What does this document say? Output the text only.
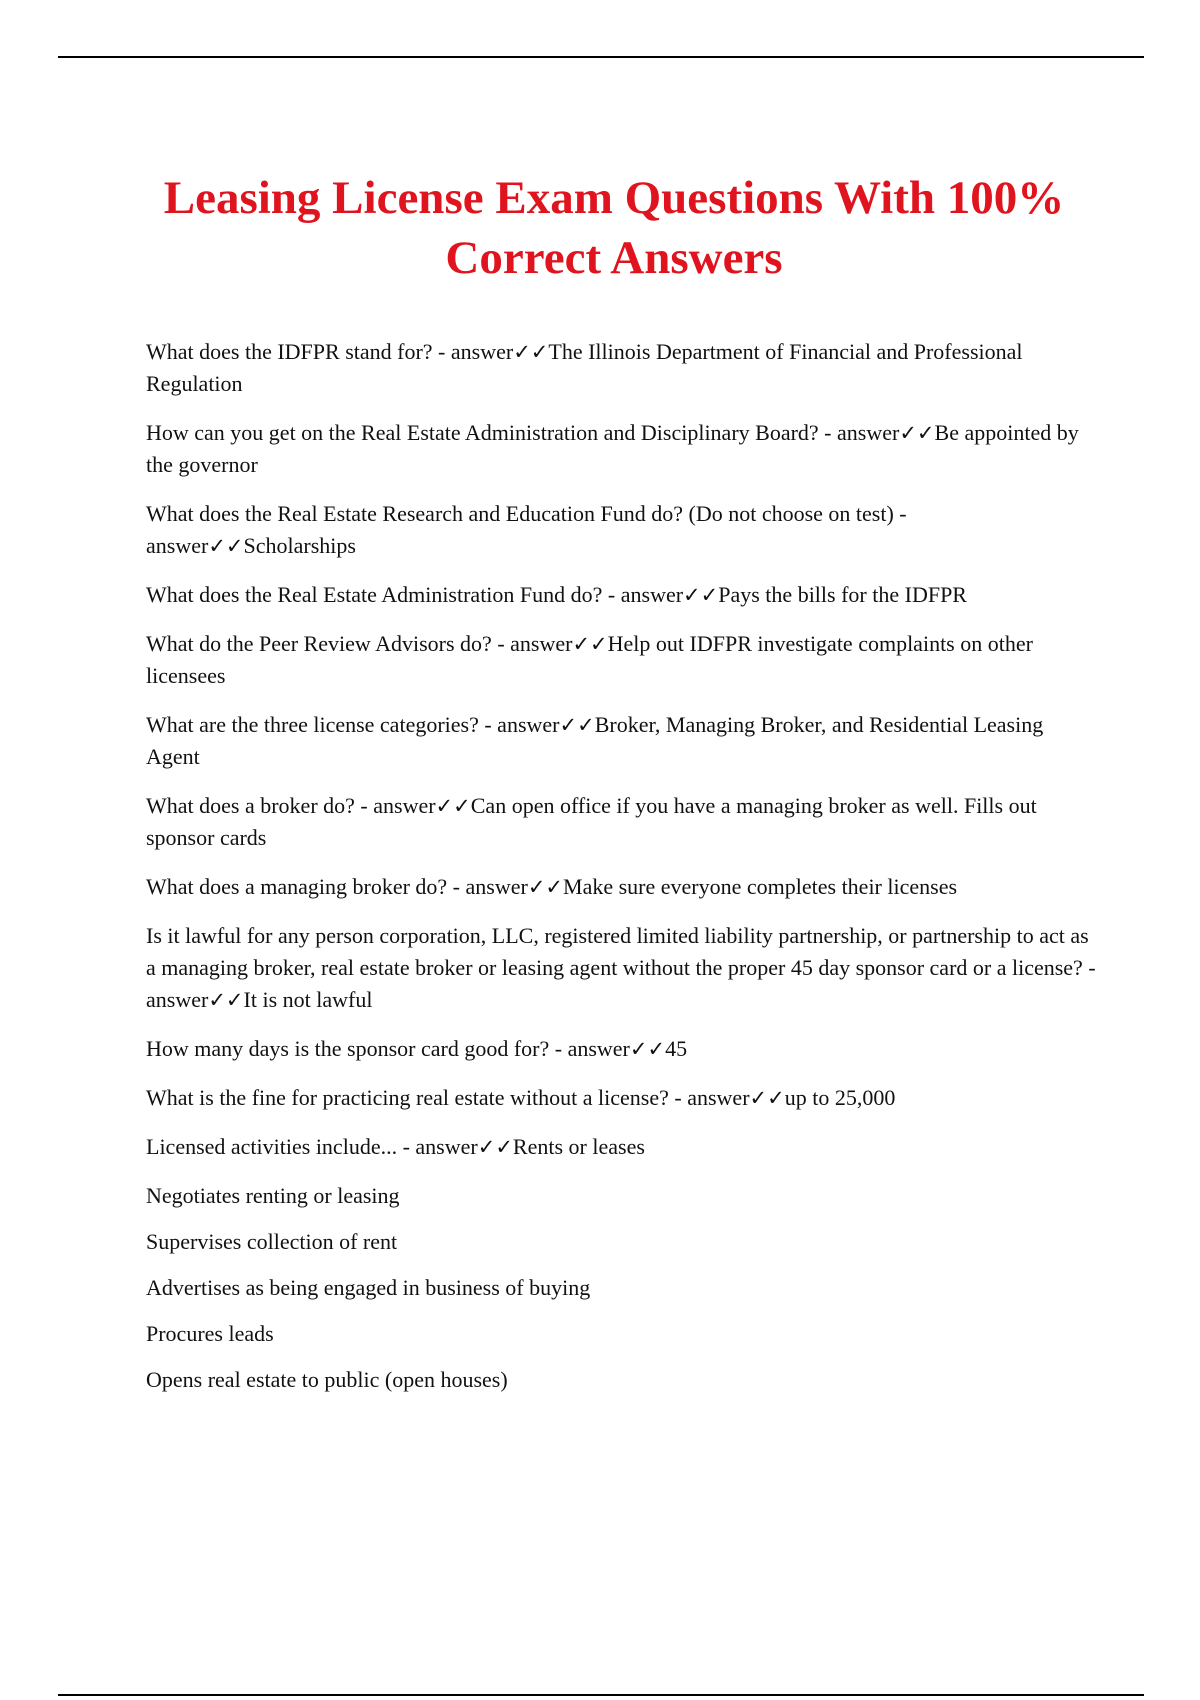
Leasing License Exam Questions With 100% Correct Answers

What does the IDFPR stand for? - answer✓✓The Illinois Department of Financial and Professional Regulation

How can you get on the Real Estate Administration and Disciplinary Board? - answer✓✓Be appointed by the governor

What does the Real Estate Research and Education Fund do? (Do not choose on test) - answer✓✓Scholarships

What does the Real Estate Administration Fund do? - answer✓✓Pays the bills for the IDFPR

What do the Peer Review Advisors do? - answer✓✓Help out IDFPR investigate complaints on other licensees

What are the three license categories? - answer✓✓Broker, Managing Broker, and Residential Leasing Agent

What does a broker do? - answer✓✓Can open office if you have a managing broker as well. Fills out sponsor cards

What does a managing broker do? - answer✓✓Make sure everyone completes their licenses

Is it lawful for any person corporation, LLC, registered limited liability partnership, or partnership to act as a managing broker, real estate broker or leasing agent without the proper 45 day sponsor card or a license? - answer✓✓It is not lawful

How many days is the sponsor card good for? - answer✓✓45

What is the fine for practicing real estate without a license? - answer✓✓up to 25,000

Licensed activities include... - answer✓✓Rents or leases

Negotiates renting or leasing

Supervises collection of rent

Advertises as being engaged in business of buying

Procures leads

Opens real estate to public (open houses)
